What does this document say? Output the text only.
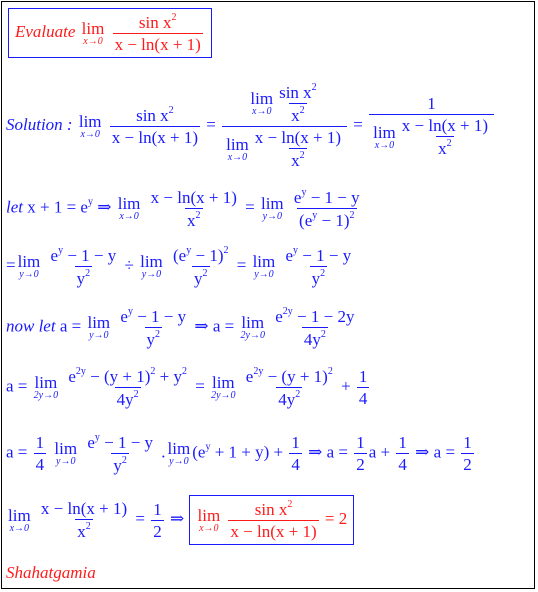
Evaluate lim
x→0
$\frac{\sin x^2}{x - \ln(x + 1)}$
Solution : lim
x→0
$\frac{\sin x^2}{x - \ln(x + 1)} = \lim$
$x\to 0 \frac{\sin x^2}{x^2}$
lim
$x\to 0 \frac{x - \ln(x + 1)}{x^2} = 1$
lim
$x\to 0 \frac{x - \ln(x + 1)}{x^2}$
let $x + 1 = e^y$ ⇒ lim
x→0
$\frac{x - \ln(x + 1)}{x^2} = \lim$
y→0
$\frac{e^y - 1 - y}{(e^y - 1)^2}$
= lim
y→0
$\frac{e^y - 1 - y}{y^2} \div \lim$
y→0
$\frac{(e^y - 1)^2}{y^2} = \lim$
y→0
$\frac{e^y - 1 - y}{y^2}$
now let a = lim
y→0
$\frac{e^y - 1 - y}{y^2}$ ⇒ a = lim
2y→0
$\frac{e^{2y} - 1 - 2y}{4y^2}$
a = lim
2y→0
$\frac{e^{2y} - (y + 1)^2 + y^2}{4y^2} = \lim$
2y→0
$\frac{e^{2y} - (y + 1)^2}{4y^2} + \frac{1}{4}$
$a = \frac{1}{4}$
lim
y→0
$\frac{e^y - 1 - y}{y^2}$ . lim
y→0
$(e^y + 1 + y) + \frac{1}{4}$ ⇒ $a = \frac{1}{2}$ $a + \frac{1}{4}$ ⇒ $a = \frac{1}{2}$
lim
x→0
$\frac{x - \ln(x + 1)}{x^2} = \frac{1}{2}$ ⇒ lim
x→0
$\frac{\sin x^2}{x - \ln(x + 1)} = 2$
Shahatgamia
